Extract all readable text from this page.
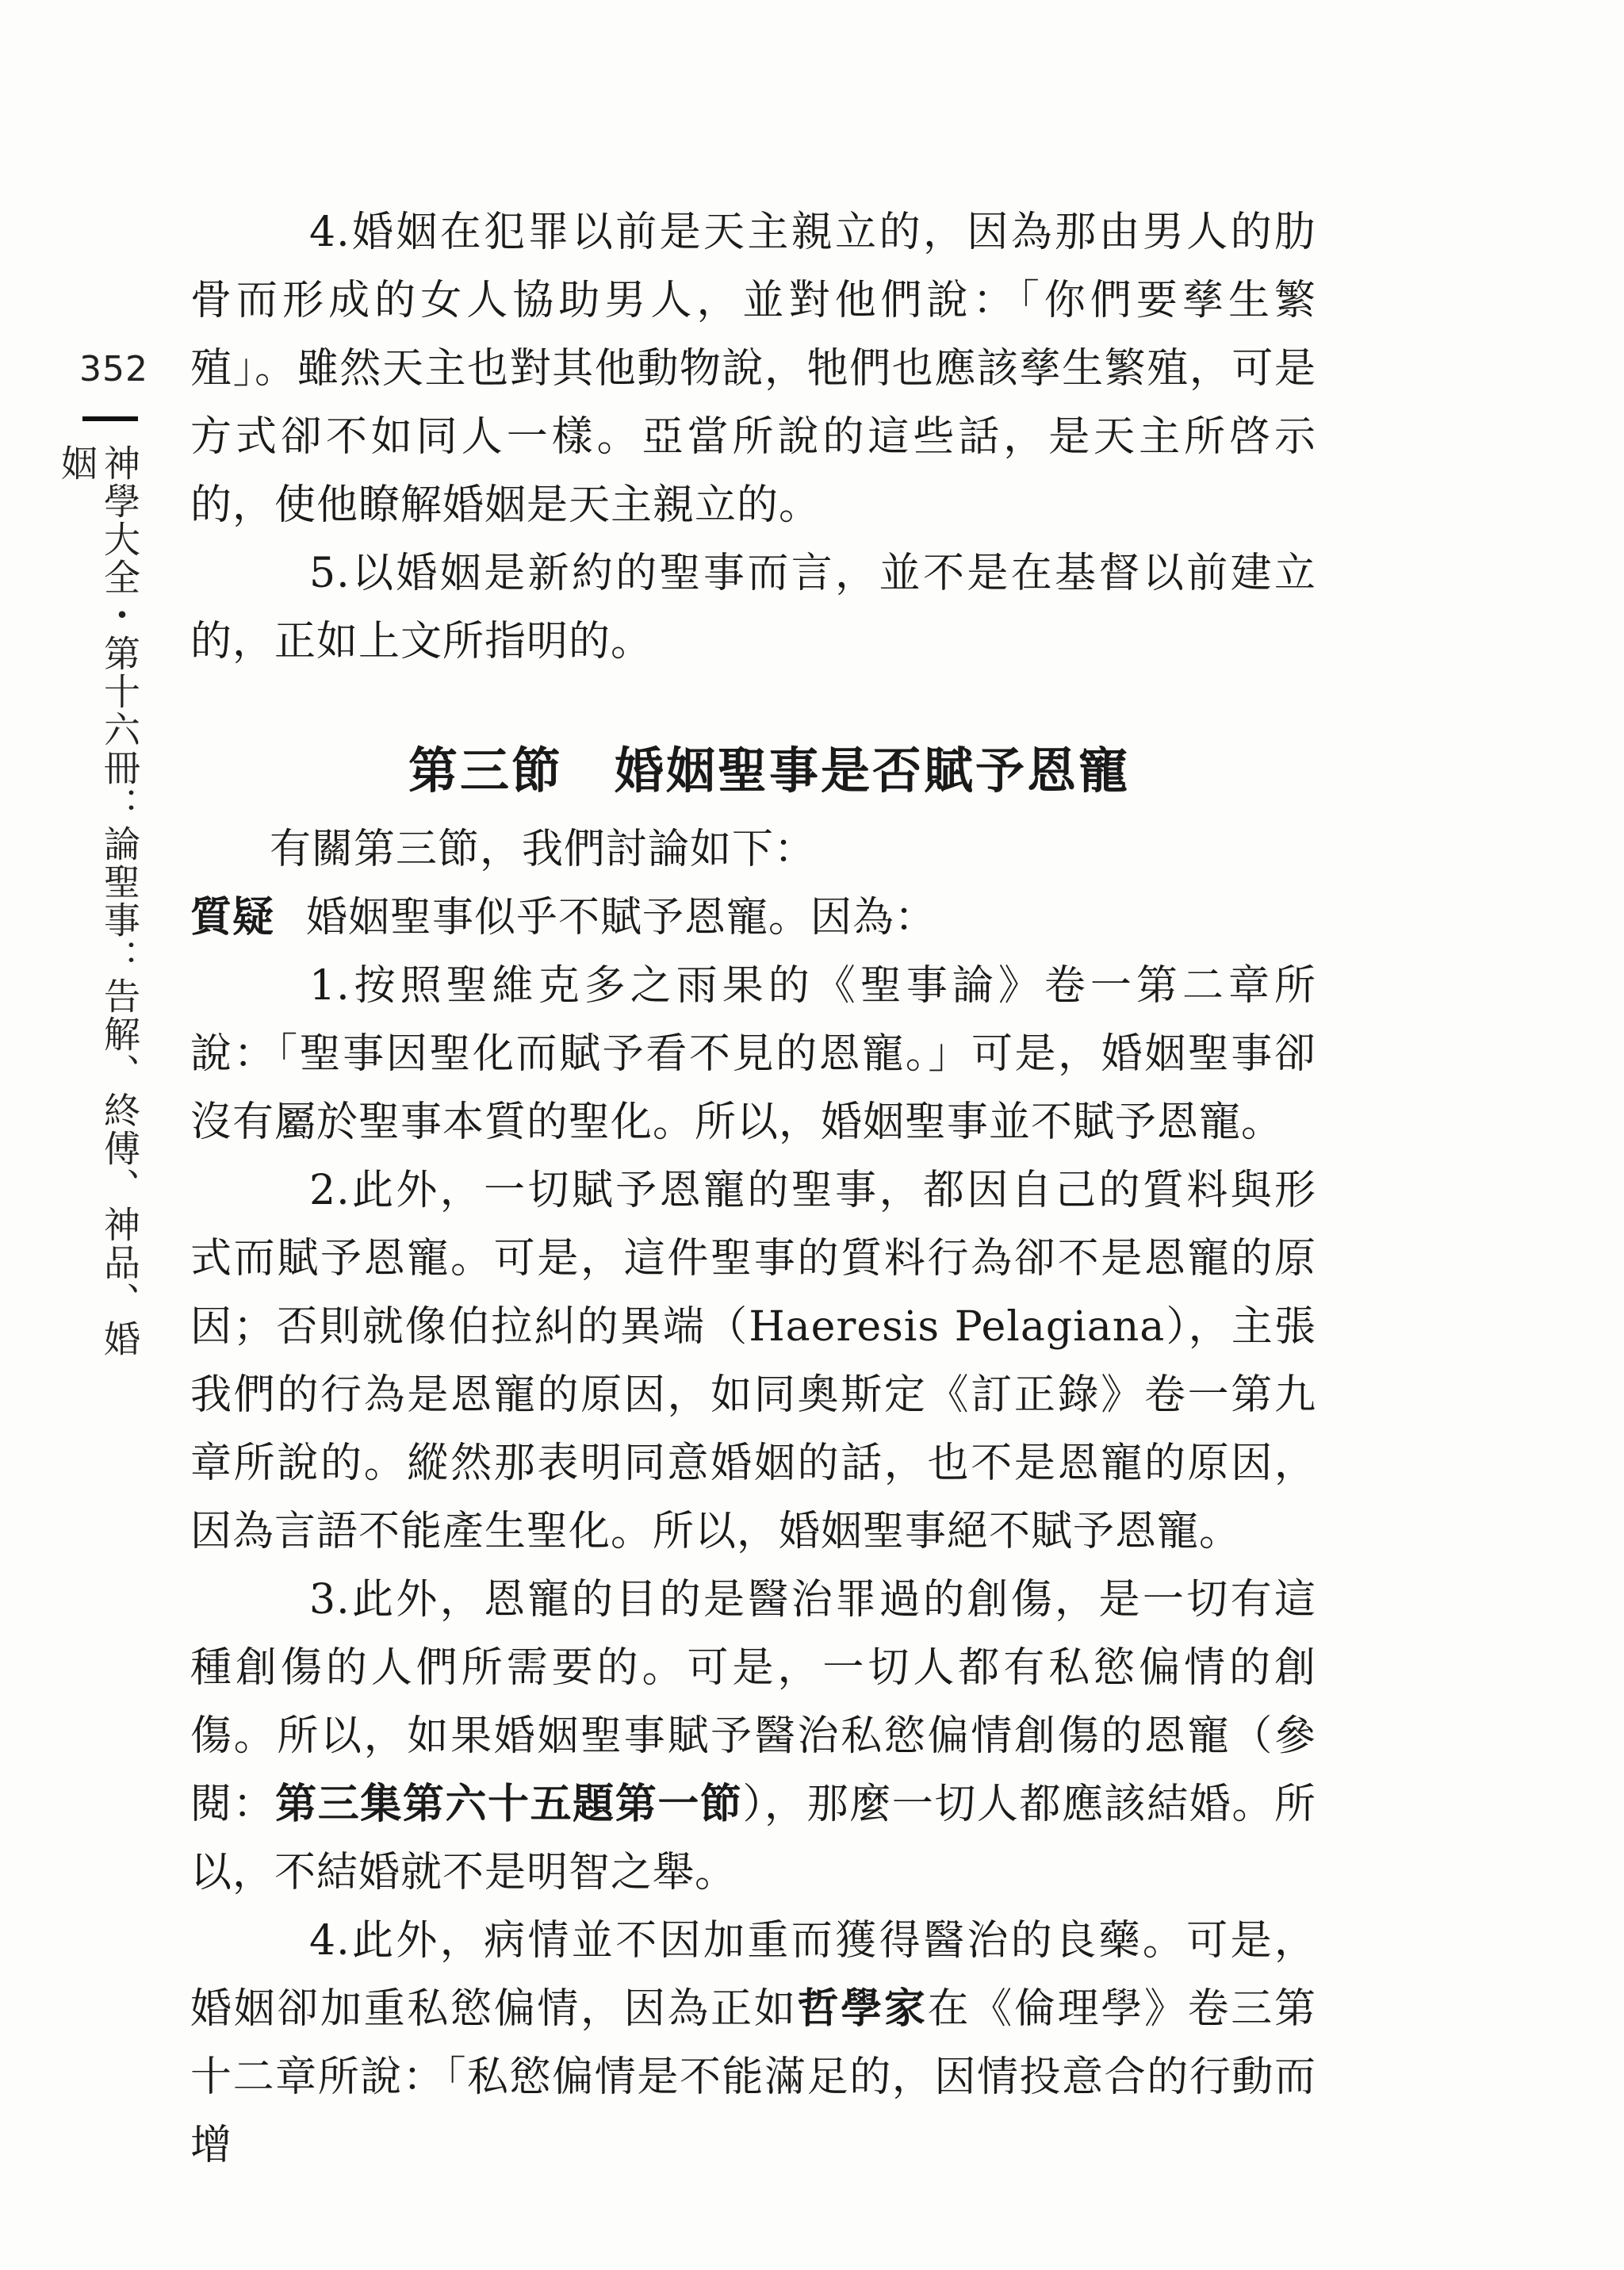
352
神學大全・第十六冊：論聖事：告解、終傅、神品、婚姻

4.婚姻在犯罪以前是天主親立的，因為那由男人的肋骨而形成的女人協助男人，並對他們說：「你們要孳生繁殖」。雖然天主也對其他動物說，牠們也應該孳生繁殖，可是方式卻不如同人一樣。亞當所說的這些話，是天主所啓示的，使他瞭解婚姻是天主親立的。

5.以婚姻是新約的聖事而言，並不是在基督以前建立的，正如上文所指明的。

第三節　婚姻聖事是否賦予恩寵

有關第三節，我們討論如下：

質疑 婚姻聖事似乎不賦予恩寵。因為：

1.按照聖維克多之雨果的《聖事論》卷一第二章所說：「聖事因聖化而賦予看不見的恩寵。」可是，婚姻聖事卻沒有屬於聖事本質的聖化。所以，婚姻聖事並不賦予恩寵。

2.此外，一切賦予恩寵的聖事，都因自己的質料與形式而賦予恩寵。可是，這件聖事的質料行為卻不是恩寵的原因；否則就像伯拉糾的異端（Haeresis Pelagiana），主張我們的行為是恩寵的原因，如同奧斯定《訂正錄》卷一第九章所說的。縱然那表明同意婚姻的話，也不是恩寵的原因，因為言語不能產生聖化。所以，婚姻聖事絕不賦予恩寵。

3.此外，恩寵的目的是醫治罪過的創傷，是一切有這種創傷的人們所需要的。可是，一切人都有私慾偏情的創傷。所以，如果婚姻聖事賦予醫治私慾偏情創傷的恩寵（參閱：第三集第六十五題第一節），那麼一切人都應該結婚。所以，不結婚就不是明智之舉。

4.此外，病情並不因加重而獲得醫治的良藥。可是，婚姻卻加重私慾偏情，因為正如哲學家在《倫理學》卷三第十二章所說：「私慾偏情是不能滿足的，因情投意合的行動而增
